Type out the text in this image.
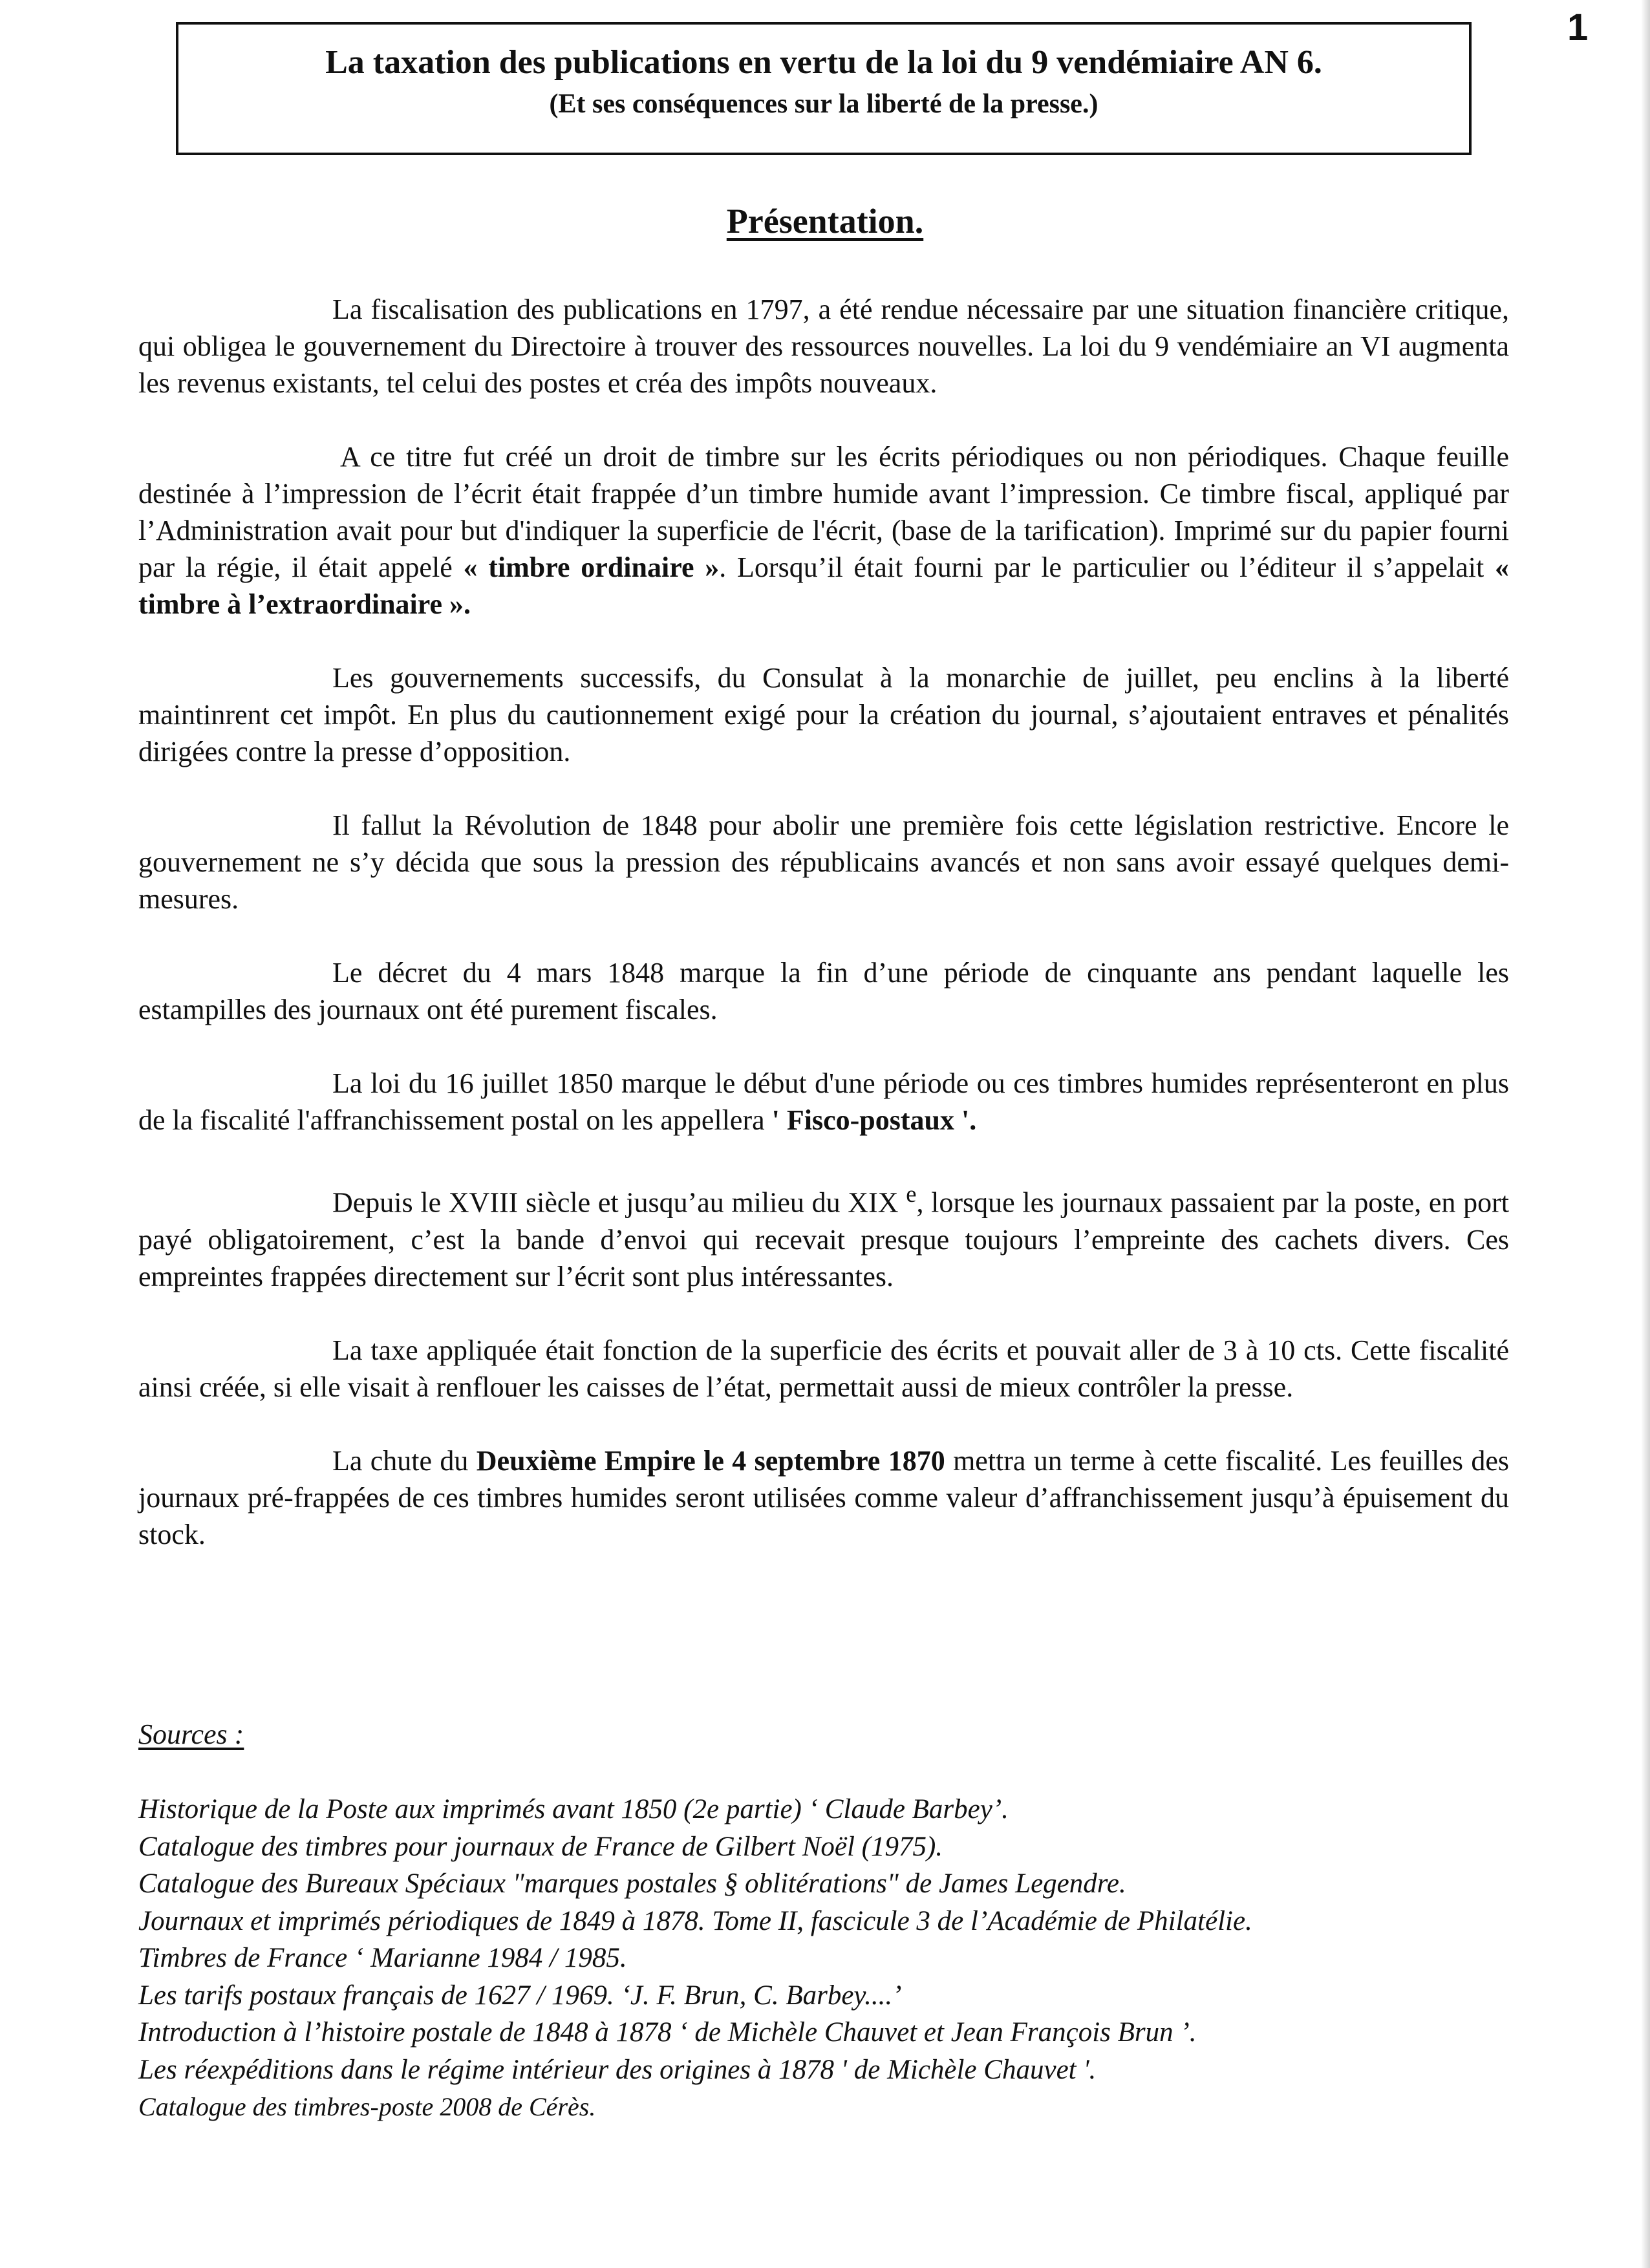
1
La taxation des publications en vertu de la loi du 9 vendémiaire AN 6.
(Et ses conséquences sur la liberté de la presse.)
Présentation.

La fiscalisation des publications en 1797, a été rendue nécessaire par une situation financière critique, qui obligea le gouvernement du Directoire à trouver des ressources nouvelles. La loi du 9 vendémiaire an VI augmenta les revenus existants, tel celui des postes et créa des impôts nouveaux.

A ce titre fut créé un droit de timbre sur les écrits périodiques ou non périodiques. Chaque feuille destinée à l’impression de l’écrit était frappée d’un timbre humide avant l’impression. Ce timbre fiscal, appliqué par l’Administration avait pour but d'indiquer la superficie de l'écrit, (base de la tarification). Imprimé sur du papier fourni par la régie, il était appelé « timbre ordinaire ». Lorsqu’il était fourni par le particulier ou l’éditeur il s’appelait « timbre à l’extraordinaire ».

Les gouvernements successifs, du Consulat à la monarchie de juillet, peu enclins à la liberté maintinrent cet impôt. En plus du cautionnement exigé pour la création du journal, s’ajoutaient entraves et pénalités dirigées contre la presse d’opposition.

Il fallut la Révolution de 1848 pour abolir une première fois cette législation restrictive. Encore le gouvernement ne s’y décida que sous la pression des républicains avancés et non sans avoir essayé quelques demi-mesures.

Le décret du 4 mars 1848 marque la fin d’une période de cinquante ans pendant laquelle les estampilles des journaux ont été purement fiscales.

La loi du 16 juillet 1850 marque le début d'une période ou ces timbres humides représenteront en plus de la fiscalité l'affranchissement postal on les appellera ' Fisco-postaux '.

Depuis le XVIII siècle et jusqu’au milieu du XIX $^e$, lorsque les journaux passaient par la poste, en port payé obligatoirement, c’est la bande d’envoi qui recevait presque toujours l’empreinte des cachets divers. Ces empreintes frappées directement sur l’écrit sont plus intéressantes.

La taxe appliquée était fonction de la superficie des écrits et pouvait aller de 3 à 10 cts. Cette fiscalité ainsi créée, si elle visait à renflouer les caisses de l’état, permettait aussi de mieux contrôler la presse.

La chute du Deuxième Empire le 4 septembre 1870 mettra un terme à cette fiscalité. Les feuilles des journaux pré-frappées de ces timbres humides seront utilisées comme valeur d’affranchissement jusqu’à épuisement du stock.

Sources :
Historique de la Poste aux imprimés avant 1850 (2e partie) ‘ Claude Barbey’.
Catalogue des timbres pour journaux de France de Gilbert Noël (1975).
Catalogue des Bureaux Spéciaux "marques postales § oblitérations" de James Legendre.
Journaux et imprimés périodiques de 1849 à 1878. Tome II, fascicule 3 de l’Académie de Philatélie.
Timbres de France ‘ Marianne 1984 / 1985.
Les tarifs postaux français de 1627 / 1969. ‘J. F. Brun, C. Barbey....’
Introduction à l’histoire postale de 1848 à 1878 ‘ de Michèle Chauvet et Jean François Brun ’.
Les réexpéditions dans le régime intérieur des origines à 1878 ' de Michèle Chauvet '.
Catalogue des timbres-poste 2008 de Cérès.
